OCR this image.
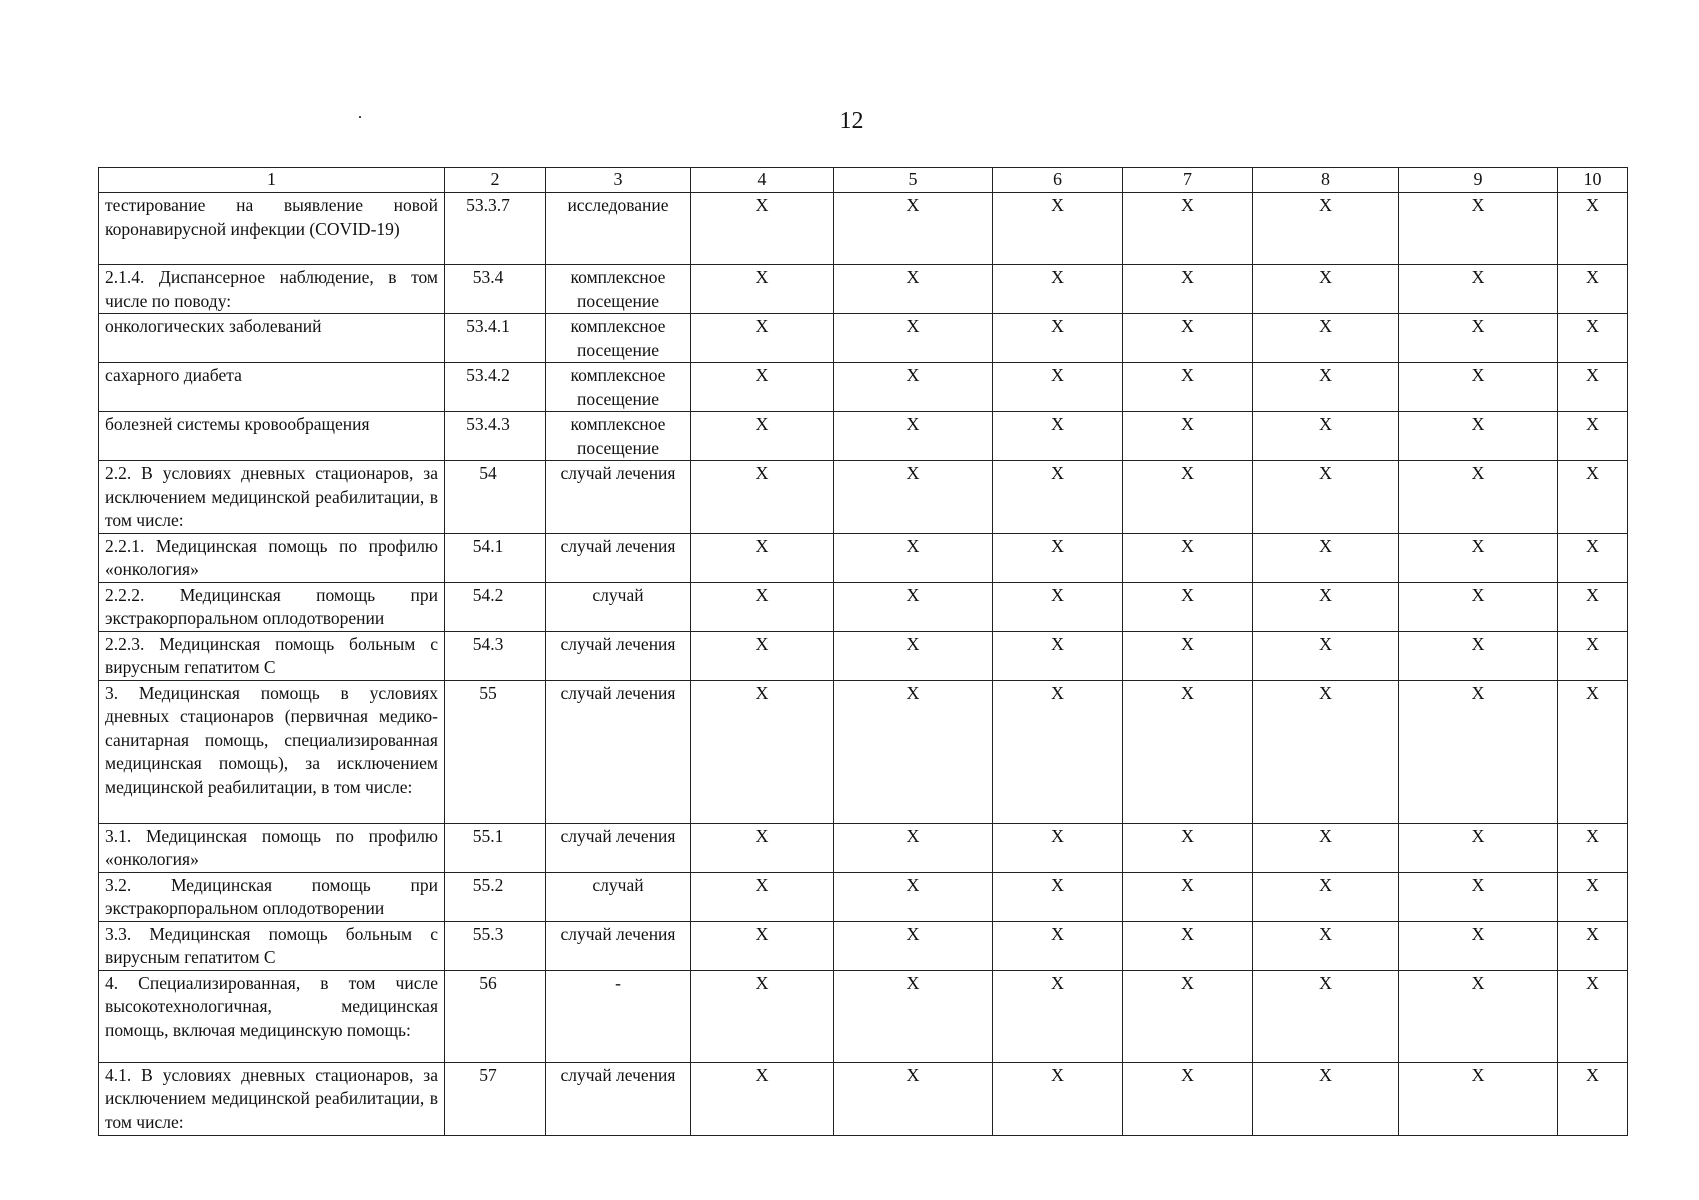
12
1	2	3	4	5	6	7	8	9	10
тестирование на выявление новой коронавирусной инфекции (COVID-19)	53.3.7	исследование	Х	Х	Х	Х	Х	Х	Х
2.1.4. Диспансерное наблюдение, в том числе по поводу:	53.4	комплексное посещение	Х	Х	Х	Х	Х	Х	Х
онкологических заболеваний	53.4.1	комплексное посещение	Х	Х	Х	Х	Х	Х	Х
сахарного диабета	53.4.2	комплексное посещение	Х	Х	Х	Х	Х	Х	Х
болезней системы кровообращения	53.4.3	комплексное посещение	Х	Х	Х	Х	Х	Х	Х
2.2. В условиях дневных стационаров, за исключением медицинской реабилитации, в том числе:	54	случай лечения	Х	Х	Х	Х	Х	Х	Х
2.2.1. Медицинская помощь по профилю «онкология»	54.1	случай лечения	Х	Х	Х	Х	Х	Х	Х
2.2.2. Медицинская помощь при экстракорпоральном оплодотворении	54.2	случай	Х	Х	Х	Х	Х	Х	Х
2.2.3. Медицинская помощь больным с вирусным гепатитом С	54.3	случай лечения	Х	Х	Х	Х	Х	Х	Х
3. Медицинская помощь в условиях дневных стационаров (первичная медико-санитарная помощь, специализированная медицинская помощь), за исключением медицинской реабилитации, в том числе:	55	случай лечения	Х	Х	Х	Х	Х	Х	Х
3.1. Медицинская помощь по профилю «онкология»	55.1	случай лечения	Х	Х	Х	Х	Х	Х	Х
3.2. Медицинская помощь при экстракорпоральном оплодотворении	55.2	случай	Х	Х	Х	Х	Х	Х	Х
3.3. Медицинская помощь больным с вирусным гепатитом С	55.3	случай лечения	Х	Х	Х	Х	Х	Х	Х
4. Специализированная, в том числе высокотехнологичная, медицинская помощь, включая медицинскую помощь:	56	-	Х	Х	Х	Х	Х	Х	Х
4.1. В условиях дневных стационаров, за исключением медицинской реабилитации, в том числе:	57	случай лечения	Х	Х	Х	Х	Х	Х	Х
